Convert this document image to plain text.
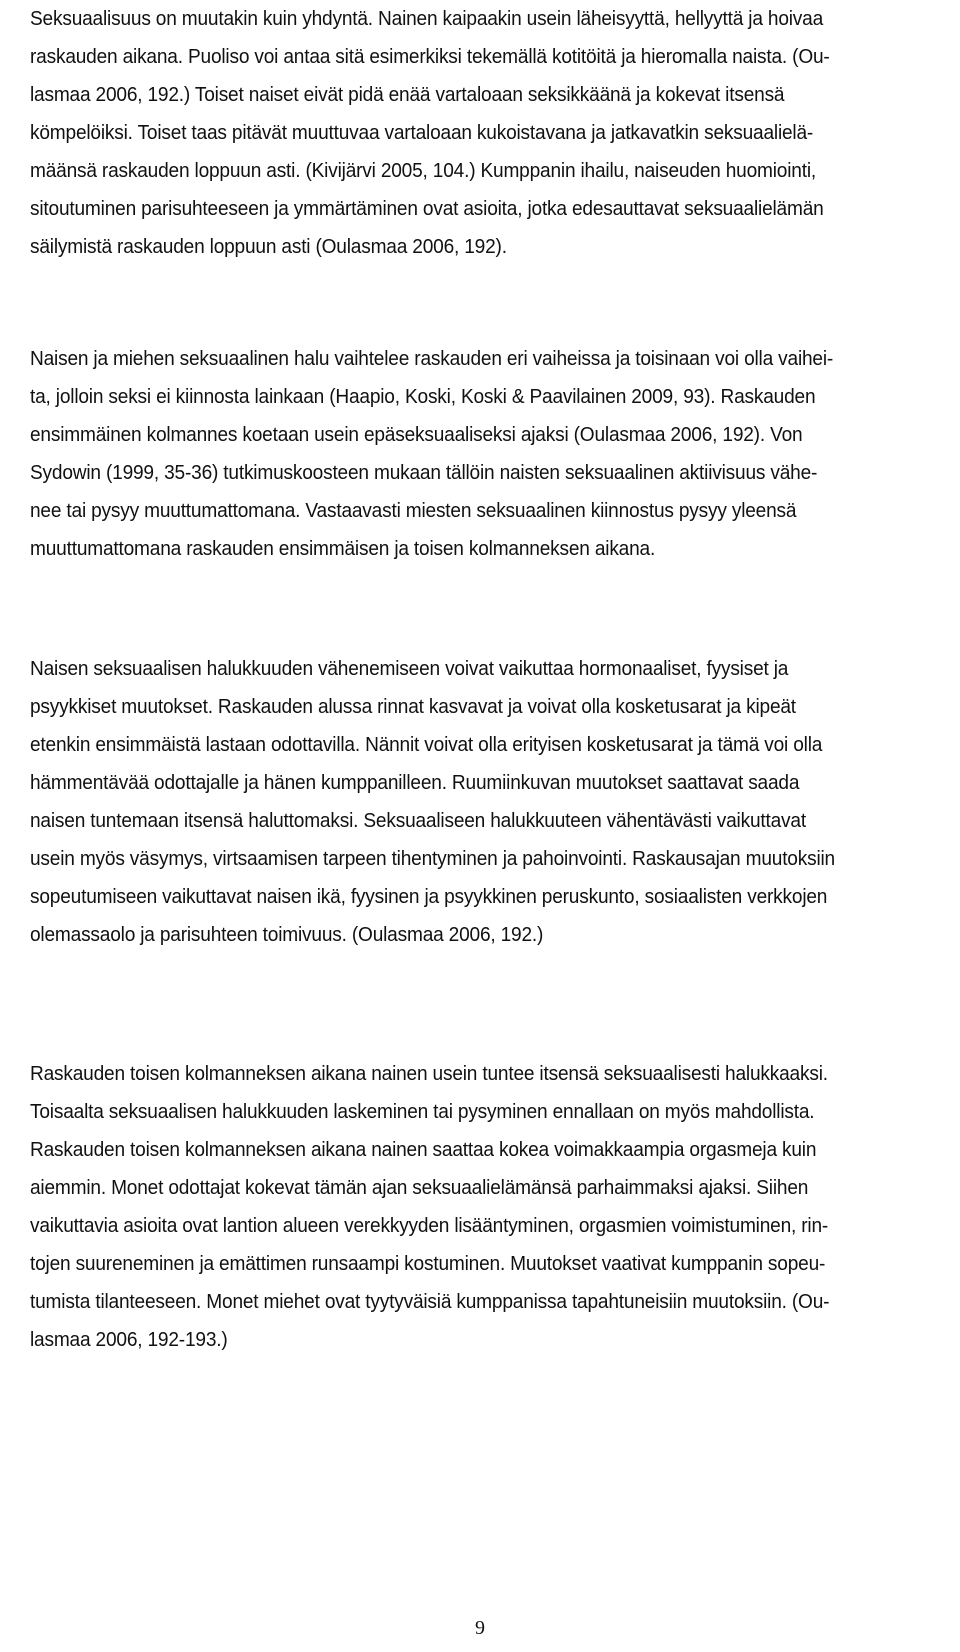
Seksuaalisuus on muutakin kuin yhdyntä. Nainen kaipaakin usein läheisyyttä, hellyyttä ja hoivaa
raskauden aikana. Puoliso voi antaa sitä esimerkiksi tekemällä kotitöitä ja hieromalla naista. (Ou-
lasmaa 2006, 192.) Toiset naiset eivät pidä enää vartaloaan seksikkäänä ja kokevat itsensä
kömpelöiksi. Toiset taas pitävät muuttuvaa vartaloaan kukoistavana ja jatkavatkin seksuaalielä-
määnsä raskauden loppuun asti. (Kivijärvi 2005, 104.) Kumppanin ihailu, naiseuden huomiointi,
sitoutuminen parisuhteeseen ja ymmärtäminen ovat asioita, jotka edesauttavat seksuaalielämän
säilymistä raskauden loppuun asti (Oulasmaa 2006, 192).
Naisen ja miehen seksuaalinen halu vaihtelee raskauden eri vaiheissa ja toisinaan voi olla vaihei-
ta, jolloin seksi ei kiinnosta lainkaan (Haapio, Koski, Koski & Paavilainen 2009, 93). Raskauden
ensimmäinen kolmannes koetaan usein epäseksuaaliseksi ajaksi (Oulasmaa 2006, 192). Von
Sydowin (1999, 35-36) tutkimuskoosteen mukaan tällöin naisten seksuaalinen aktiivisuus vähe-
nee tai pysyy muuttumattomana. Vastaavasti miesten seksuaalinen kiinnostus pysyy yleensä
muuttumattomana raskauden ensimmäisen ja toisen kolmanneksen aikana.
Naisen seksuaalisen halukkuuden vähenemiseen voivat vaikuttaa hormonaaliset, fyysiset ja
psyykkiset muutokset. Raskauden alussa rinnat kasvavat ja voivat olla kosketusarat ja kipeät
etenkin ensimmäistä lastaan odottavilla. Nännit voivat olla erityisen kosketusarat ja tämä voi olla
hämmentävää odottajalle ja hänen kumppanilleen. Ruumiinkuvan muutokset saattavat saada
naisen tuntemaan itsensä haluttomaksi. Seksuaaliseen halukkuuteen vähentävästi vaikuttavat
usein myös väsymys, virtsaamisen tarpeen tihentyminen ja pahoinvointi. Raskausajan muutoksiin
sopeutumiseen vaikuttavat naisen ikä, fyysinen ja psyykkinen peruskunto, sosiaalisten verkkojen
olemassaolo ja parisuhteen toimivuus. (Oulasmaa 2006, 192.)
Raskauden toisen kolmanneksen aikana nainen usein tuntee itsensä seksuaalisesti halukkaaksi.
Toisaalta seksuaalisen halukkuuden laskeminen tai pysyminen ennallaan on myös mahdollista.
Raskauden toisen kolmanneksen aikana nainen saattaa kokea voimakkaampia orgasmeja kuin
aiemmin. Monet odottajat kokevat tämän ajan seksuaalielämänsä parhaimmaksi ajaksi. Siihen
vaikuttavia asioita ovat lantion alueen verekkyyden lisääntyminen, orgasmien voimistuminen, rin-
tojen suureneminen ja emättimen runsaampi kostuminen. Muutokset vaativat kumppanin sopeu-
tumista tilanteeseen. Monet miehet ovat tyytyväisiä kumppanissa tapahtuneisiin muutoksiin. (Ou-
lasmaa 2006, 192-193.)
9
